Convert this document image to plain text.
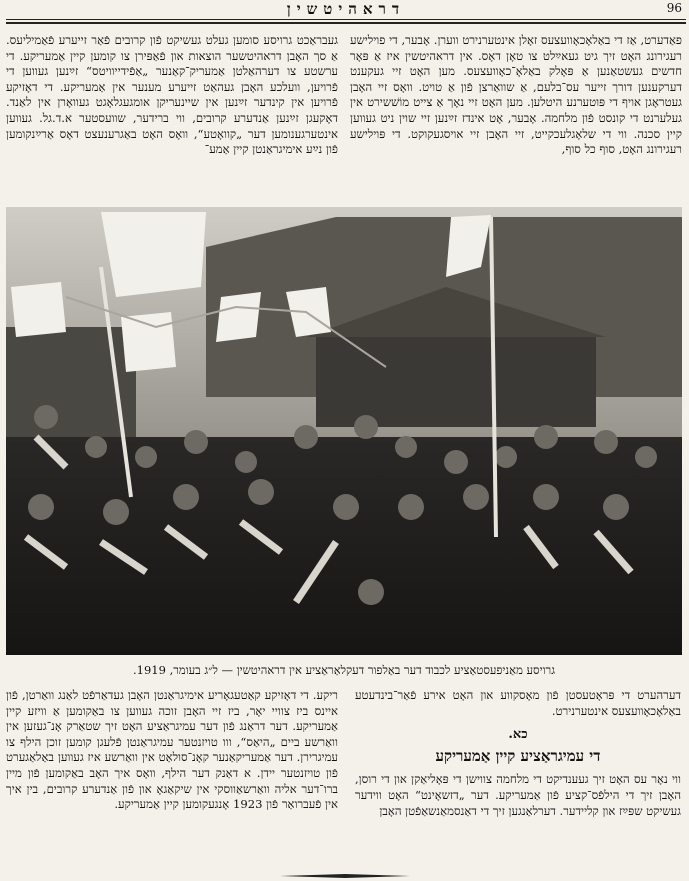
דראהיטשין	96

פאַדערט, אַז די באַלאָכאָוועצעס זאָלן אינטערנירט ווערן. אָבער, די פוילישע רעגירונג האָט זיך גיט געאײַלט צו טאָן דאָס. אין דראהיטשין איז אַ פּאָר חדשים געשטאַנען אַ פּאָלק באַלאָ־כאָוועצעס. מען האָט זיי געקענט דערקענען דורך זייער עס־בלעם, אַ שוואַרצן פֿון אַ טויט. וואָס זיי האָבן געטראָגן אויף די פּוטערנע היטלען. מען האָט זיי נאָך אַ צייט מוֹשׁשירט אין געלערנט די קונסט פֿון מלחמה. אָבער, אָט אינדז זײַנען זיי שוין ניט געווען קיין סכנה. ווי די שלאָגלעכקייט, זיי האָבן זיי אויסגעקוקט. די פּוילישע רעגירונג האָט, סוף כל סוף,

געבראַכט גרויסע סומען געלט געשיקט פֿון קרובים פֿאַר זייערע פֿאַמיליעס. אַ סך האָבן דראהיטשער הוצאות און פֿאַפּירן צו קומען קיין אַמעריקע. די ערשטע צו דערהאַלטן אַמעריק־קאַנער „אַפֿידייוויטס“ זײַנען געווען די פֿרויען, וועלכע האָבן געהאַט זייערע מענער אין אַמעריקע. די דאָזיקע פֿרויען אין קינדער זײַנען אין שיינעריקן אומגעגלאָגט געוואָרן אין לאַנד. דאָקעגן זײַנען אַנדערע קרובים, ווי ברידער, שוועסטער א.ד.גל. געווען אינטערגענומען דער „קוואָטע“, וואָס האָט באַגרענעצט דאָס אַרײַנקומען פֿון נײַע אימיגראַנטן קיין אַמע־

גרויסע מאַניפעסטאַציע לכבוד דער באַלפור דעקלאַראַציע אין דראהיטשין — ל״ג בעומר, 1919.

דערהערט די פּראָטעסטן פֿון מאָסקווע און האָט אירע פֿאַר־בינדעטע באַלאָכאָוועצעס אינטערנירט.

כא.
די עמיגראַציע קיין אַמעריקע

ווי נאָר עס האָט זיך געענדיקט די מלחמה צווישן די פּאָליאַקן און די רוסן, האָבן זיך די הילפֿס־קציע פֿון אַמעריקע. דער „דזשאָינט“ האָט ווידער געשיקט שפּײַז און קליידער. דערלאַנגען זיך די דאַנסמאַנשאַפֿטן האָבן

ריקע. די דאָזיקע קאַטעגאָריע אימיגראַנטן האָבן געדאַרפֿט לאַנג וואַרטן, פֿון איינס ביז צוויי יאָר, ביז זיי האָבן זוכה געווען צו באַקומען אַ וויזע קיין אַמעריקע. דער דראַנג פֿון דער עמיגראַציע האָט זיך שטאַרק אָנ־געזען אין וואַרשע ביים „היאַס“, ווו טויזנטער עמיגראַנטן פֿלעגן קומען זוכן הילף צו עמיגרירן. דער אַמעריקאַנער קאָנ־סולאַט אין וואַרשע איז געווען באַלאַגערט פֿון טויזנטער יידן. א דאַנק דער הילף, וואָס איך האָב באַקומען פֿון מיין ברו־דער אליה וואַרשאַווסקי אין שיקאַגאָ און פֿון אַנדערע קרובים, בין איך אין פֿעברואַר פֿון 1923 אָנגעקומען קיין אַמעריקע.
